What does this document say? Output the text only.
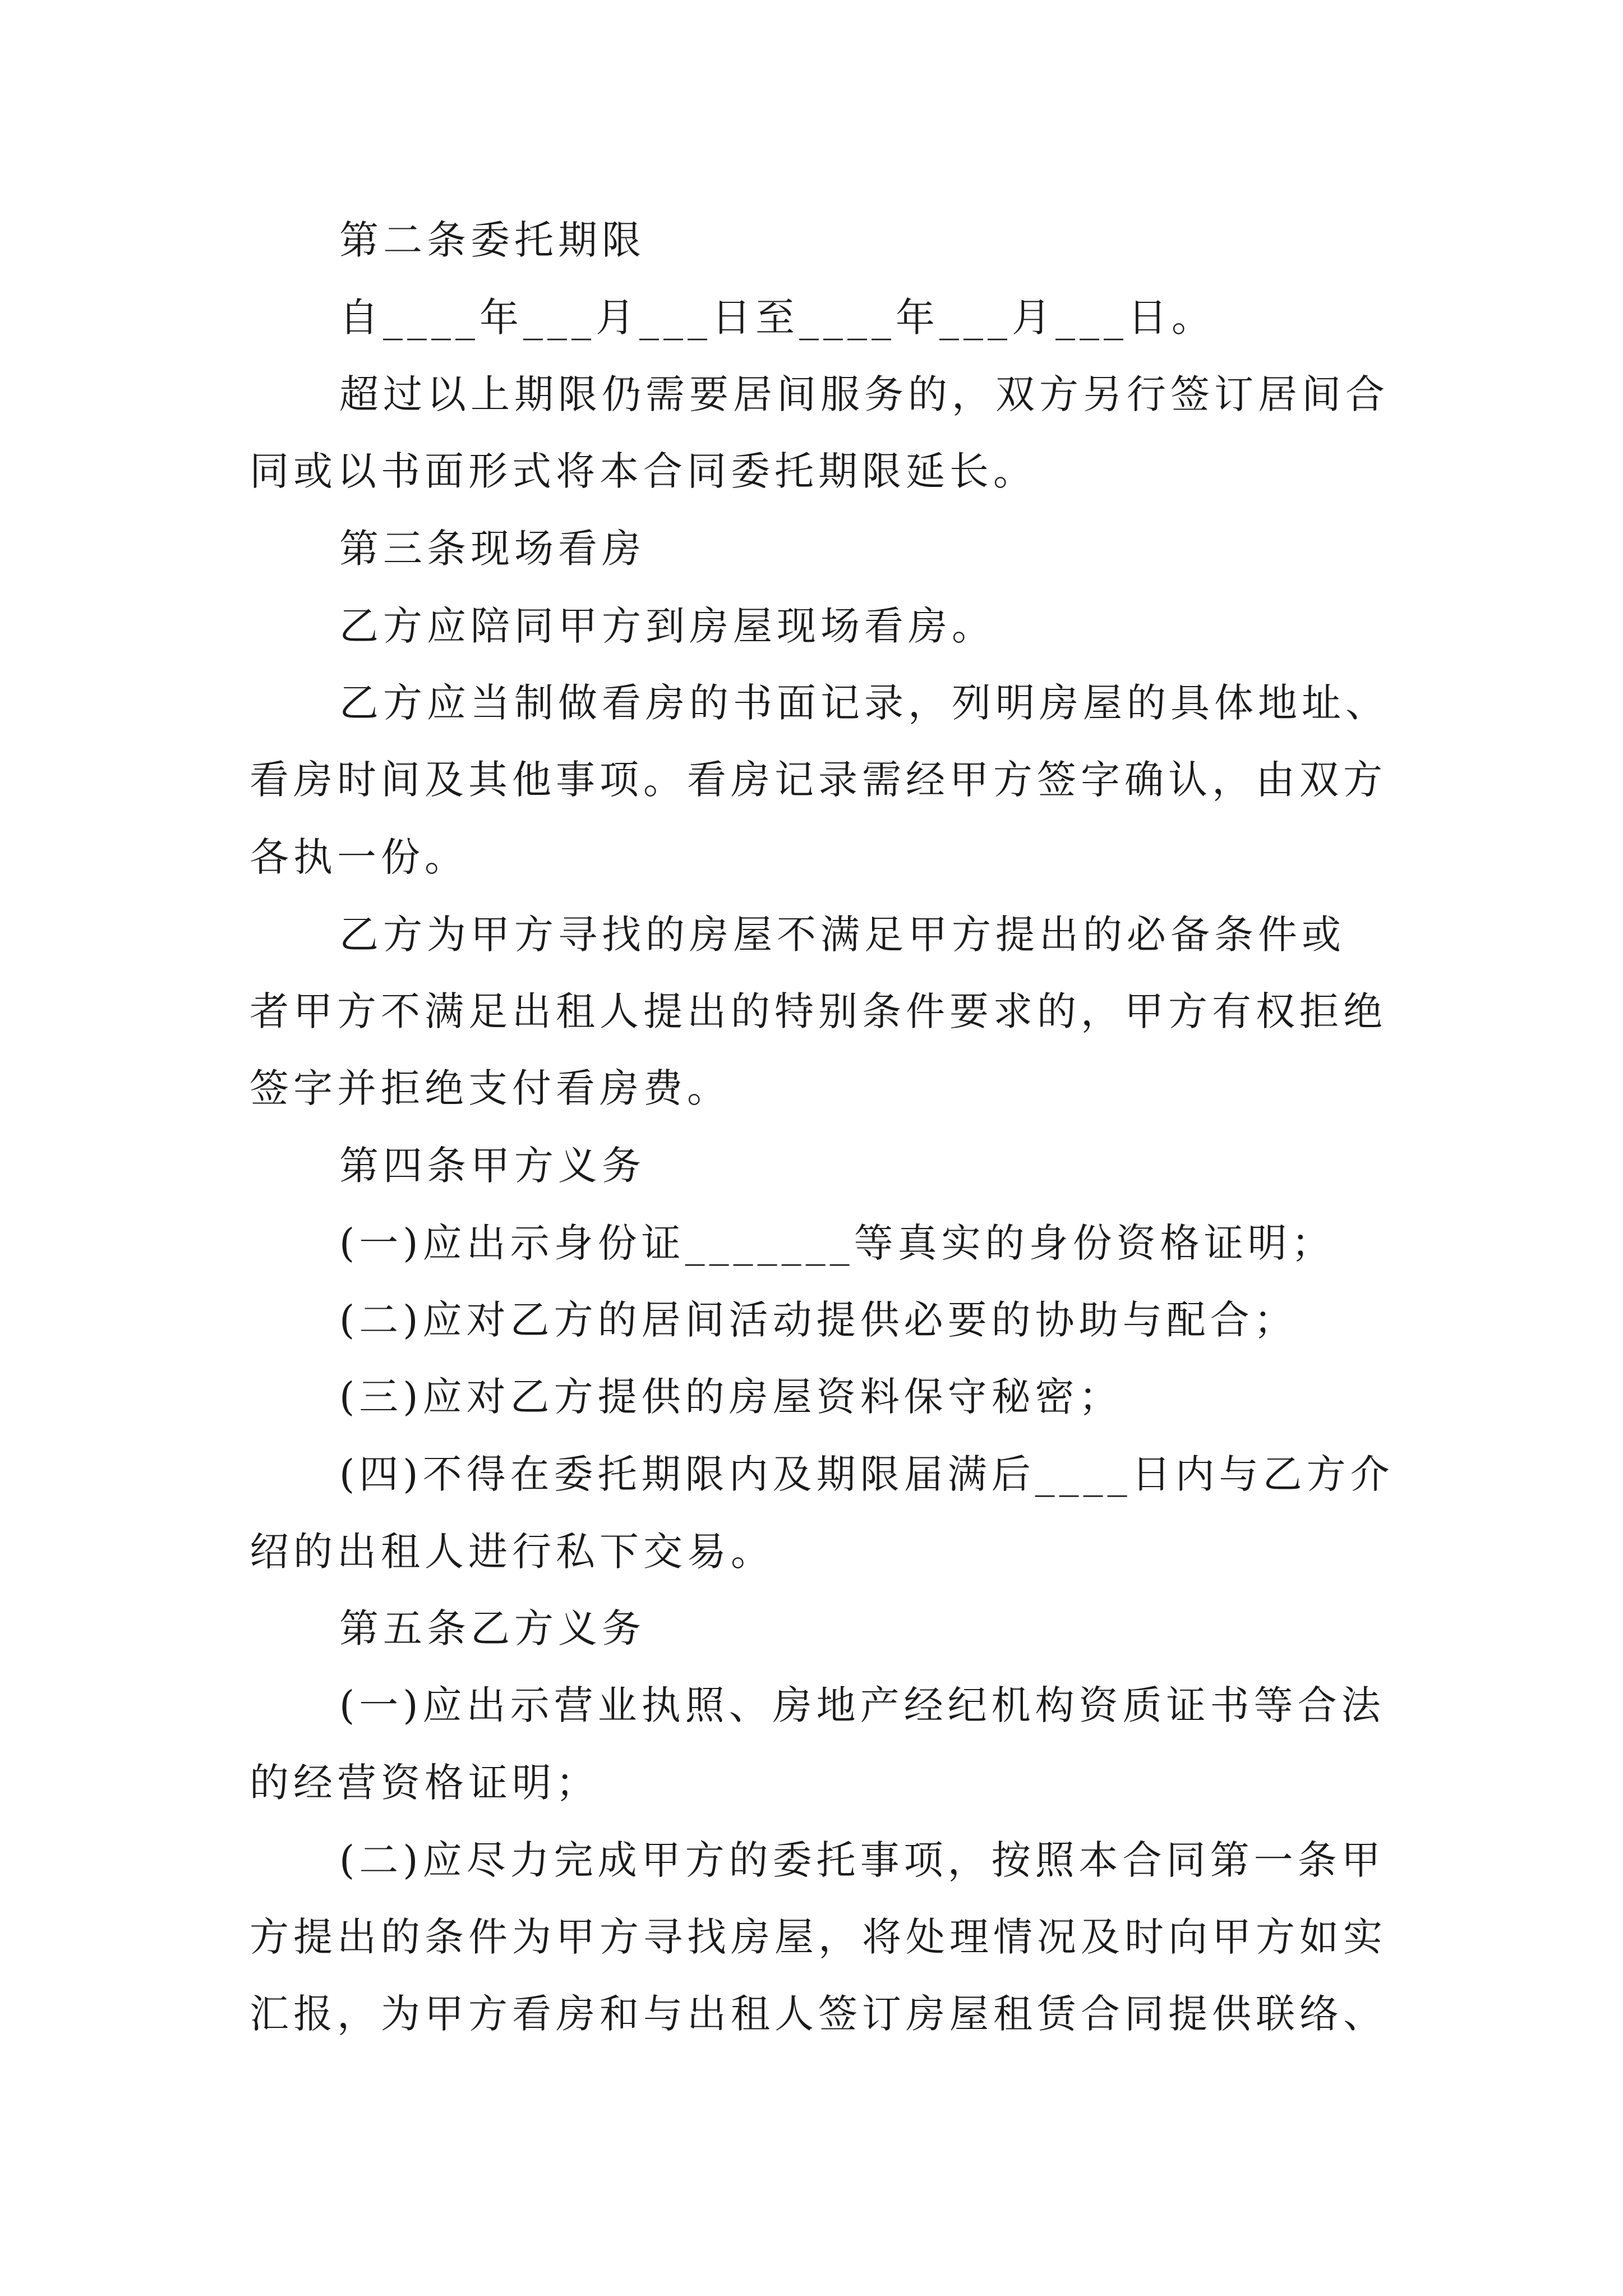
第二条委托期限
自____年___月___日至____年___月___日。
超过以上期限仍需要居间服务的，双方另行签订居间合
同或以书面形式将本合同委托期限延长。
第三条现场看房
乙方应陪同甲方到房屋现场看房。
乙方应当制做看房的书面记录，列明房屋的具体地址、
看房时间及其他事项。看房记录需经甲方签字确认，由双方
各执一份。
乙方为甲方寻找的房屋不满足甲方提出的必备条件或
者甲方不满足出租人提出的特别条件要求的，甲方有权拒绝
签字并拒绝支付看房费。
第四条甲方义务
(一)应出示身份证_______等真实的身份资格证明；
(二)应对乙方的居间活动提供必要的协助与配合；
(三)应对乙方提供的房屋资料保守秘密；
(四)不得在委托期限内及期限届满后____日内与乙方介
绍的出租人进行私下交易。
第五条乙方义务
(一)应出示营业执照、房地产经纪机构资质证书等合法
的经营资格证明；
(二)应尽力完成甲方的委托事项，按照本合同第一条甲
方提出的条件为甲方寻找房屋，将处理情况及时向甲方如实
汇报，为甲方看房和与出租人签订房屋租赁合同提供联络、
